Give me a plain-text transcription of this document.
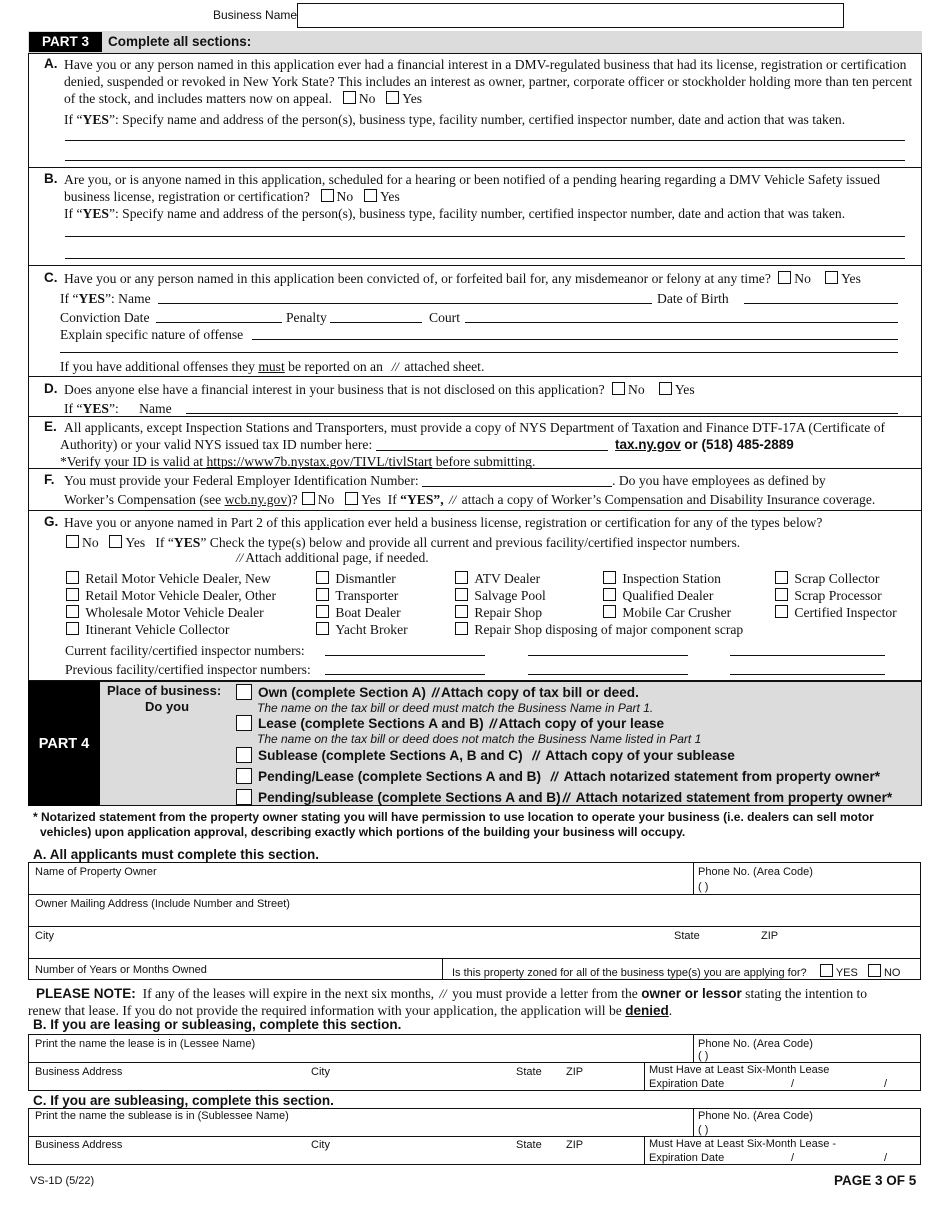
Business Name
PART 3	Complete all sections:
A. Have you or any person named in this application ever had a financial interest in a DMV-regulated business that had its license, registration or certification
denied, suspended or revoked in New York State? This includes an interest as owner, partner, corporate officer or stockholder holding more than ten percent
of the stock, and includes matters now on appeal. No Yes
If “YES”: Specify name and address of the person(s), business type, facility number, certified inspector number, date and action that was taken.
B. Are you, or is anyone named in this application, scheduled for a hearing or been notified of a pending hearing regarding a DMV Vehicle Safety issued
business license, registration or certification? No Yes
If “YES”: Specify name and address of the person(s), business type, facility number, certified inspector number, date and action that was taken.
C. Have you or any person named in this application been convicted of, or forfeited bail for, any misdemeanor or felony at any time? No Yes
If “YES”: Name	Date of Birth
Conviction Date	Penalty	Court
Explain specific nature of offense
If you have additional offenses they must be reported on an // attached sheet.
D. Does anyone else have a financial interest in your business that is not disclosed on this application? No Yes
If “YES”: Name
E. All applicants, except Inspection Stations and Transporters, must provide a copy of NYS Department of Taxation and Finance DTF-17A (Certificate of
Authority) or your valid NYS issued tax ID number here:	tax.ny.gov or (518) 485-2889
*Verify your ID is valid at https://www7b.nystax.gov/TIVL/tivlStart before submitting.
F. You must provide your Federal Employer Identification Number:	. Do you have employees as defined by
Worker’s Compensation (see wcb.ny.gov)? No Yes If “YES”, // attach a copy of Worker’s Compensation and Disability Insurance coverage.
G. Have you or anyone named in Part 2 of this application ever held a business license, registration or certification for any of the types below?
No Yes If “YES” Check the type(s) below and provide all current and previous facility/certified inspector numbers.
// Attach additional page, if needed.
Retail Motor Vehicle Dealer, New
Retail Motor Vehicle Dealer, Other
Wholesale Motor Vehicle Dealer
Itinerant Vehicle Collector
Dismantler
Transporter
Boat Dealer
Yacht Broker
ATV Dealer
Salvage Pool
Repair Shop
Repair Shop disposing of major component scrap
Inspection Station
Qualified Dealer
Mobile Car Crusher
Scrap Collector
Scrap Processor
Certified Inspector
Current facility/certified inspector numbers:
Previous facility/certified inspector numbers:
PART 4
Place of business:
Do you
Own (complete Section A) // Attach copy of tax bill or deed.
The name on the tax bill or deed must match the Business Name in Part 1.
Lease (complete Sections A and B) // Attach copy of your lease
The name on the tax bill or deed does not match the Business Name listed in Part 1
Sublease (complete Sections A, B and C) // Attach copy of your sublease
Pending/Lease (complete Sections A and B) // Attach notarized statement from property owner*
Pending/sublease (complete Sections A and B) // Attach notarized statement from property owner*
* Notarized statement from the property owner stating you will have permission to use location to operate your business (i.e. dealers can sell motor
vehicles) upon application approval, describing exactly which portions of the building your business will occupy.
A. All applicants must complete this section.
Name of Property Owner	Phone No. (Area Code)
( )
Owner Mailing Address (Include Number and Street)
City	State	ZIP
Number of Years or Months Owned	Is this property zoned for all of the business type(s) you are applying for?	YES NO
PLEASE NOTE: If any of the leases will expire in the next six months, // you must provide a letter from the owner or lessor stating the intention to
renew that lease. If you do not provide the required information with your application, the application will be denied.
B. If you are leasing or subleasing, complete this section.
Print the name the lease is in (Lessee Name)	Phone No. (Area Code)
( )
Business Address	City	State ZIP	Must Have at Least Six-Month Lease
Expiration Date	/	/
C. If you are subleasing, complete this section.
Print the name the sublease is in (Sublessee Name)	Phone No. (Area Code)
( )
Business Address	City	State ZIP	Must Have at Least Six-Month Lease -
Expiration Date	/	/
VS-1D (5/22)	PAGE 3 OF 5
